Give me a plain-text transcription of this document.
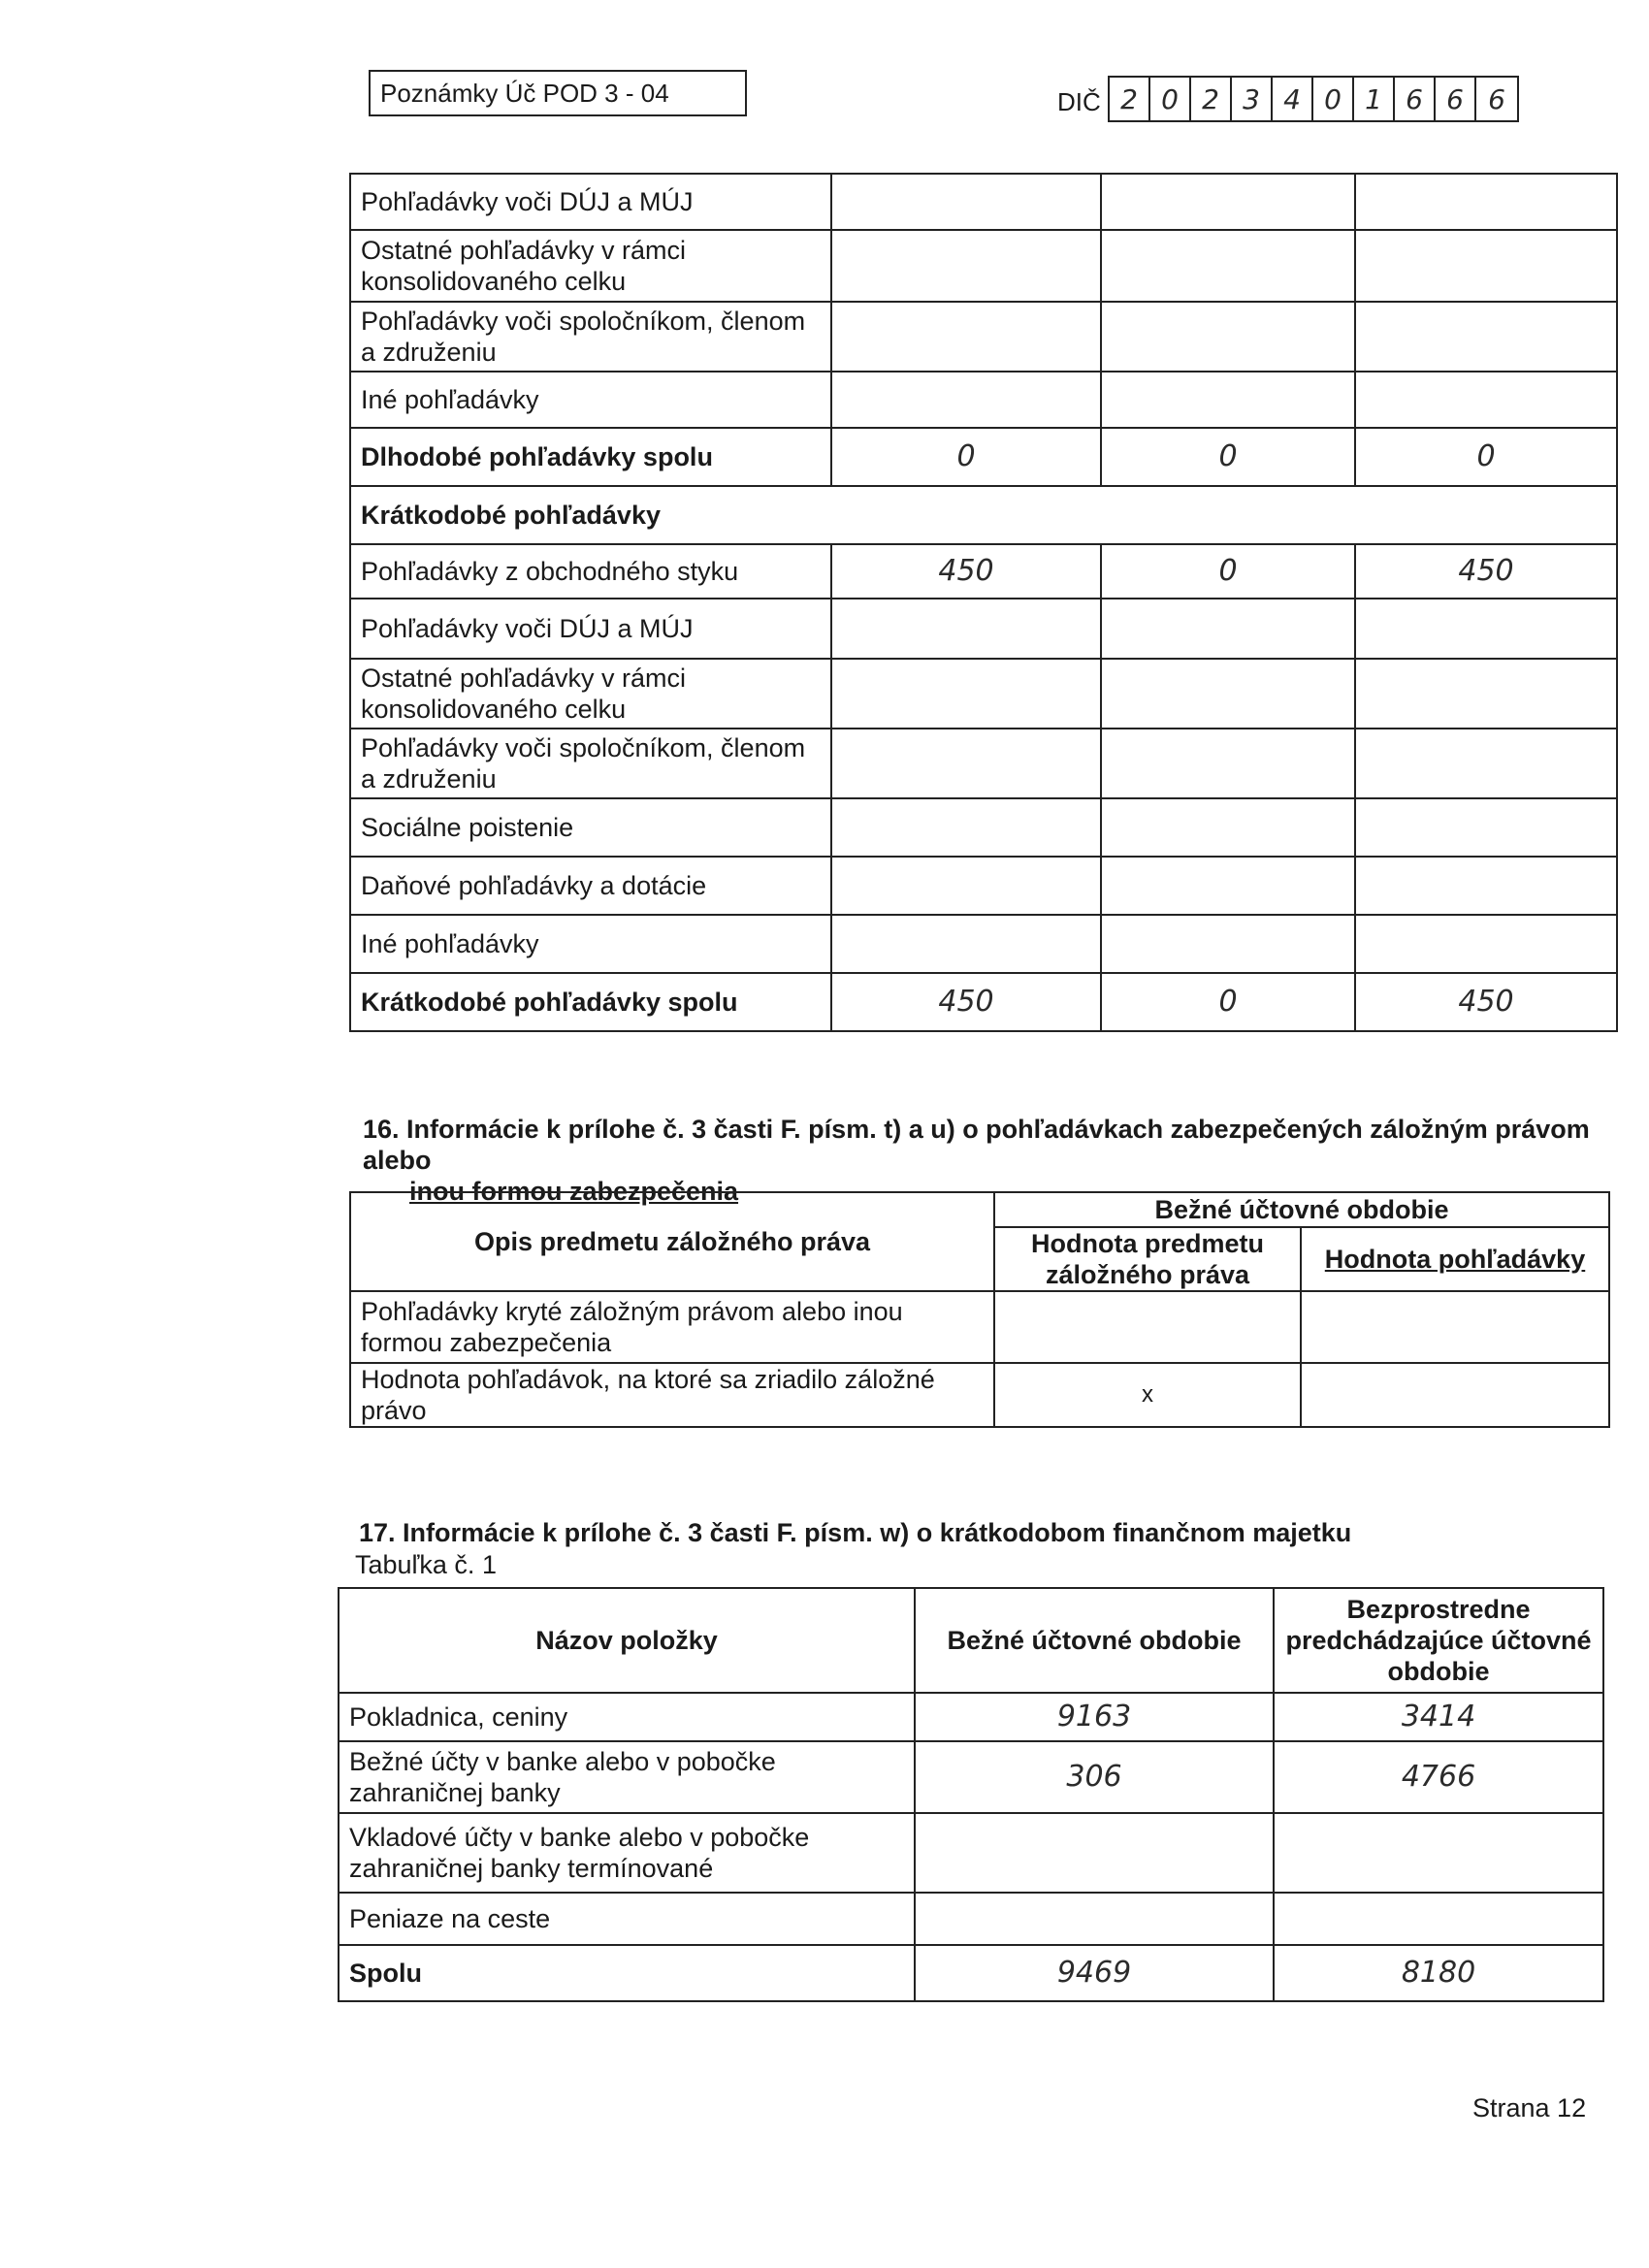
Poznámky Úč POD 3 - 04	DIČ 2 0 2 3 4 0 1 6 6 6
Pohľadávky voči DÚJ a MÚJ			
Ostatné pohľadávky v rámci konsolidovaného celku			
Pohľadávky voči spoločníkom, členom a združeniu			
Iné pohľadávky			
Dlhodobé pohľadávky spolu	0	0	0
Krátkodobé pohľadávky			
Pohľadávky z obchodného styku	450	0	450
Pohľadávky voči DÚJ a MÚJ			
Ostatné pohľadávky v rámci konsolidovaného celku			
Pohľadávky voči spoločníkom, členom a združeniu			
Sociálne poistenie			
Daňové pohľadávky a dotácie			
Iné pohľadávky			
Krátkodobé pohľadávky spolu	450	0	450
16. Informácie k prílohe č. 3 časti F. písm. t) a u) o pohľadávkach zabezpečených záložným právom alebo
inou formou zabezpečenia
Opis predmetu záložného práva	Bežné účtovné obdobie	
	Hodnota predmetu záložného práva	Hodnota pohľadávky
Pohľadávky kryté záložným právom alebo inou formou zabezpečenia		
Hodnota pohľadávok, na ktoré sa zriadilo záložné právo	x	
17. Informácie k prílohe č. 3 časti F. písm. w) o krátkodobom finančnom majetku
Tabuľka č. 1
Názov položky	Bežné účtovné obdobie	Bezprostredne predchádzajúce účtovné obdobie
Pokladnica, ceniny	9163	3414
Bežné účty v banke alebo v pobočke zahraničnej banky	306	4766
Vkladové účty v banke alebo v pobočke zahraničnej banky termínované		
Peniaze na ceste		
Spolu	9469	8180
Strana 12
